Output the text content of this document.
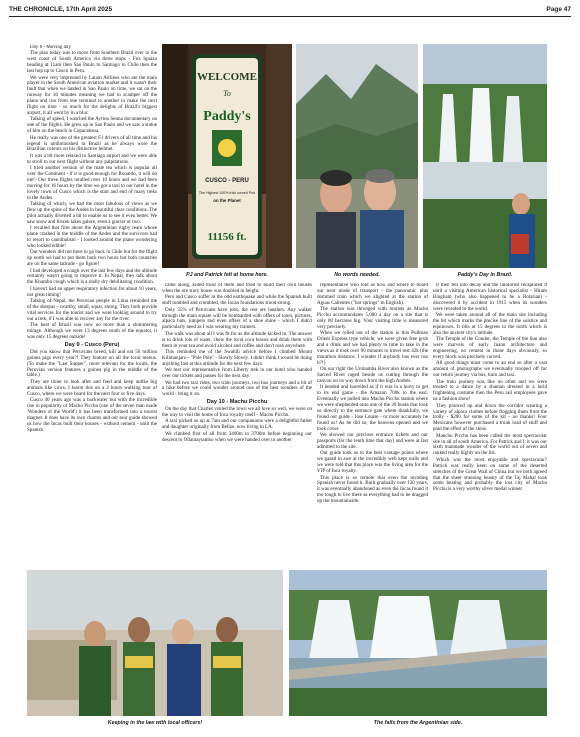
THE CHRONICLE, 17th April 2025	Page 47

Day 8 - Moving day

The plan today was to move from Southern Brazil over to the west coast of South America via three stops - Foz Iguazu heading at 11am then Sao Paulo to Santiago in Chile then the last hop up to Cusco in Peru.

We were very impressed by Latam Airlines who are the main player in the South American aviation market and it wasn't their fault that when we landed in Sao Paulo on time, we sat on the runway for 30 minutes meaning we had to scamper off the plane and run from one terminal to another to make the next flight on time - so much for the delights of Brazil's biggest airport, it all went by in a blur.

Talking of speed, I watched the Ayrton Senna documentary on one of the flights. He grew up in Sao Paulo and we saw a statue of him on the beach in Copacabana.

He really was one of the greatest F1 drivers of all time and his legend is undiminished in Brazil as he always wore the Brazilian colours on his distinctive helmet.

It was a bit more relaxed in Santiago airport and we were able to stroll to our next flight without any palpitations.

I tried another version of the mate tea which is popular all over the Continent - if it is good enough for Ronaldo, it will do me!- Our three flights totalled over 10 hours and we had been moving for 16 hours by the time we got a taxi to our hotel in the lovely town of Cusco which is the start and end of many treks in the Andes.

Talking of which, we had the most fabulous of views as we flew up the spine of the Andes in beautiful clear conditions. The pilot actually diverted a bit to enable us to see it even better. We saw snow and frozen lakes galore, even a glacier or two.

I recalled that film about the Argentinian rugby team whose plane crashed in the middle of the Andes and the survivors had to resort to cannibalism - I looked around the plane wondering who looked edible!

Our wonders did not have to go back in Chile but for the flight up north we had to put them back two hours but both countries are on the same latitude - go figure!

I had developed a cough over the last few days and the altitude certainly wasn't going to improve it. In Nepal, they talk about the Khumbu cough which is a really dry debilitating condition.

I haven't had an upper respiratory infection for about 10 years, not great timing!

Talking of Nepal, the Peruvian people in Lima reminded me of the sherpas - swarthy, small, squat, strong. They both provide vital services for the tourist and we were looking around to try out a trek, if I was able to recover any for the river.

The heat of Brazil was now no more than a shimmering mirage. Although we were 13 degrees south of the equator, it was only 15 degrees outside!

Day 9 - Cusco (Peru)

Did you know that Peruvians breed, kill and eat 50 million guinea pigs every year?! They feature on all the local menus. (To make the "Last Supper", more relevant for the locals, the Peruvian version features a guinea pig in the middle of the table.)

They are tinier to look after and feed and keep unlike big animals like cows. I learnt this on a 2 hours walking tour of Cusco, where we were board for the next four or five days.

Cusco 40 years ago was a backwater but with the incredible rise in popularity of Machu Picchu (one of the seven man made 'Wonders of the World') it has been transformed into a tourist magnet. It does have its own charms and our tour guide showed us how the Incas built their houses - without cement - until the Spanish

WELCOME
To
Paddy's
CUSCO - PERU
The Highest 100% Irish owned Pub
on the Planet
11156 ft.
PJ and Patrick felt at home here.	No words needed.	Paddy's Day in Brazil.

came along, killed most of them and tried to build their own houses when the ore story house was doubled in height.

Peru and Cusco suffer in the odd earthquake and while the Spanish built stuff tumbled and crumbled, the Incan foundations stood strong.

Only 35% of Peruvians have jobs, the rest are hustlers. Any walker through the main square will be bombarded with offers of tours, pictures, alpaca hats, jumpers and even offers of a shoe shine - which I didn't particularly need as I was wearing my trainers.

The walk was about all I was fit for as the altitude kicked in. The answer is to drink lots of water, chew the local coca leaves and drink them with them in your tea and avoid alcohol and coffee and don't rush anywhere.

This reminded me of the Swahili advice before I climbed Mount Kilimanjaro - "Pole Pole" - Slowly Slowly. I didn't think I would be doing anything fast at this altitude for the next few days.

We met our representative from Liberty trek in our hotel who handed over our tickets and passes for the next day.

We had two taxi rides, two train journeys, two bus journeys and a bit of a hike before we could wonder around one of the best wonders of the world - bring it on.

Day 10 - Machu Picchu

On the day that Charles visited the town we all love so well, we were on the way to visit the home of Inca royalty itself - Machu Picchu.

A taxi picked us up at 7am and our companions were a delightful father and daughter originally from Belize, now living in LA.

We climbed first of all from 3400m to 3700m before beginning our descent to Ollantaytambo when we were handed over to another

representative who told us how and where to board our next mode of transport - the panoramic plus dommed train which we alighted at the station of Aguas Calientes ("hot springs" in English).

The station was thronged with tourists as Machu Picchu accommodates 5,000 a day on a site that is only 80 hectares big. Your visiting time is measured very precisely.

When we rolled out of the station in this Pullman Orient Express type vehicle, we were given free grub and a drink and we had plenty to time to take in the views as it took over 90 minutes to travel rest 42k (the marathon distance, I wonder if anybody has ever run it?!)

On our right the Urubamba River also known as the Sacred River raged beside us cutting through the canyon on its way down from the high Andres.

It bended and barrelled as if it was in a hurry to get to its end game - the Amazon 700k to the east. Eventually we pulled into Machu Picchu station where we were shepherded onto one of the 20 buses that took us directly to the entrance gate where thankfully, we found our guide - Jose Louise - or more accurately he found us! As he did so, the heavens opened and we took cover.

We showed our precious entrance tickets and our passports (for the tenth time that day) and were at last admitted to the site.

Our guide took us to the best vantage points where we gazed in awe at the incredibly well kept walls and we were told that this place was the living area for the VIP of Inca royalty.

This place is so remote that even the invading Spanish never found it. Built gradually over 130 years, it was eventually abandoned as even the Incas found it too tough to live there as everything had to be dragged up the mountainside.

It then fell into decay and the rainforest recaptured it until a visiting American historical specialist - Hiram Bingham (who also happened to be a Rotarian) - discovered it by accident in 1915 when its wonders were revealed to the world.

We were taken around all of the main site including the bit which marks the precise line of the solstice and equinoxes. It tilts at 15 degrees to the north which is also the ancient city's latitude.

The Temple of the Condor, the Temple of the Sun also were marvels of early Inann architecture and engineering, no cement in those days obviously, so every block was precisely carved.

All good things must come to an end so after a vast amount of photographs we eventually trooped off for our return journey via bus, train and taxi.

The train journey was like no other and we were treated to a dance by a shaman dressed in a lurid frightening costume then the Peru rail employees gave us a fashion show!

They pranced up and down the corridor wearing a variety of alpaca clothes before flogging them from the trolly - $200 for some of the kit - no thanks! Four Mexicans however purchased a trunk load of stuff and paid the effort of the show.

Manchu Picchu has been called the most spectacular site in all of south America. For Patrick and I, it was our sixth manmade wonder of the world out of seven and ranked really highly on the list.

Which was the most enjoyable and spectacular? Patrick was really keen on some of the deserted stretches of the Great Wall of China but we both agreed that the sheer stunning beauty of the Taj Mahal took some beating and probably the lost city of Machu Picchu is a very worthy silver medal winner.

Keeping in the law with local officers!	The falls from the Argentinian side.
